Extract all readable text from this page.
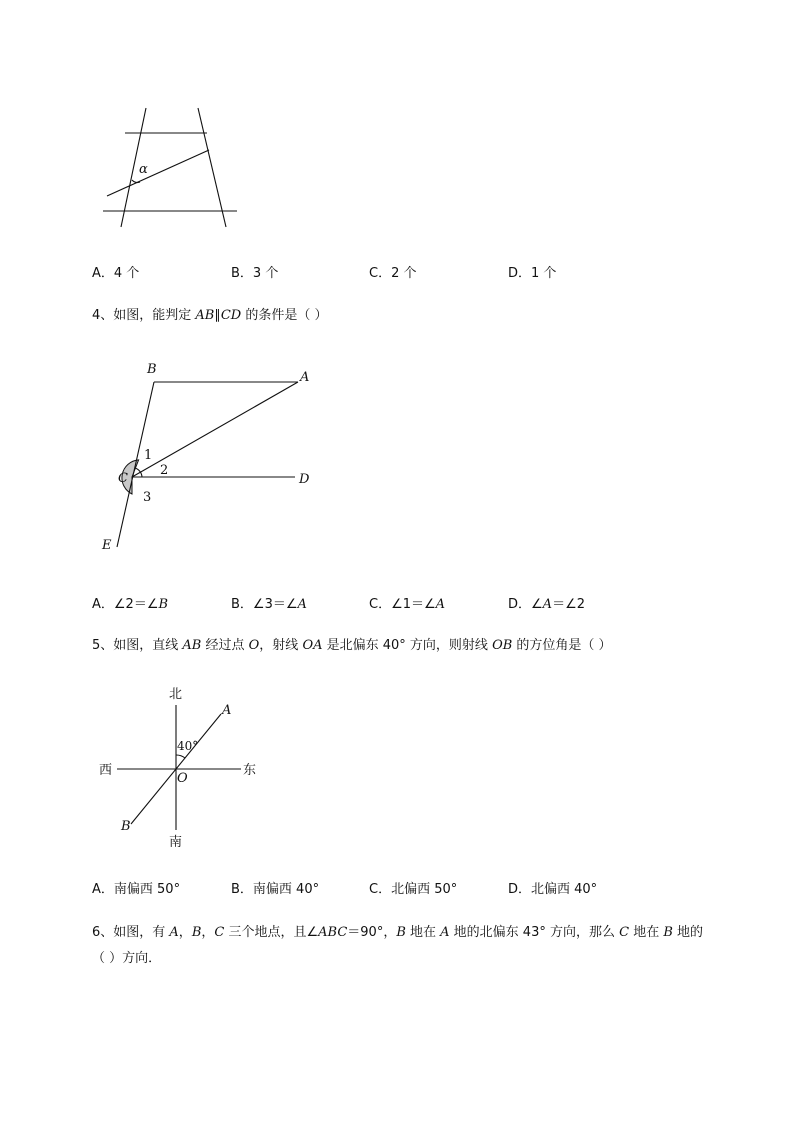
α
A．4 个	B．3 个	C．2 个	D．1 个
4、如图，能判定 AB∥CD 的条件是（ ）
B
A
C	D
E
1
2
3
A．∠2＝∠B	B．∠3＝∠A	C．∠1＝∠A	D．∠A＝∠2
5、如图，直线 AB 经过点 O，射线 OA 是北偏东 40° 方向，则射线 OB 的方位角是（ ）
北
南
东
西
A
B
O
40°
A．南偏西 50°	B．南偏西 40°	C．北偏西 50°	D．北偏西 40°
6、如图，有 A，B，C 三个地点，且∠ABC＝90°，B 地在 A 地的北偏东 43° 方向，那么 C 地在 B 地的
（ ）方向．
